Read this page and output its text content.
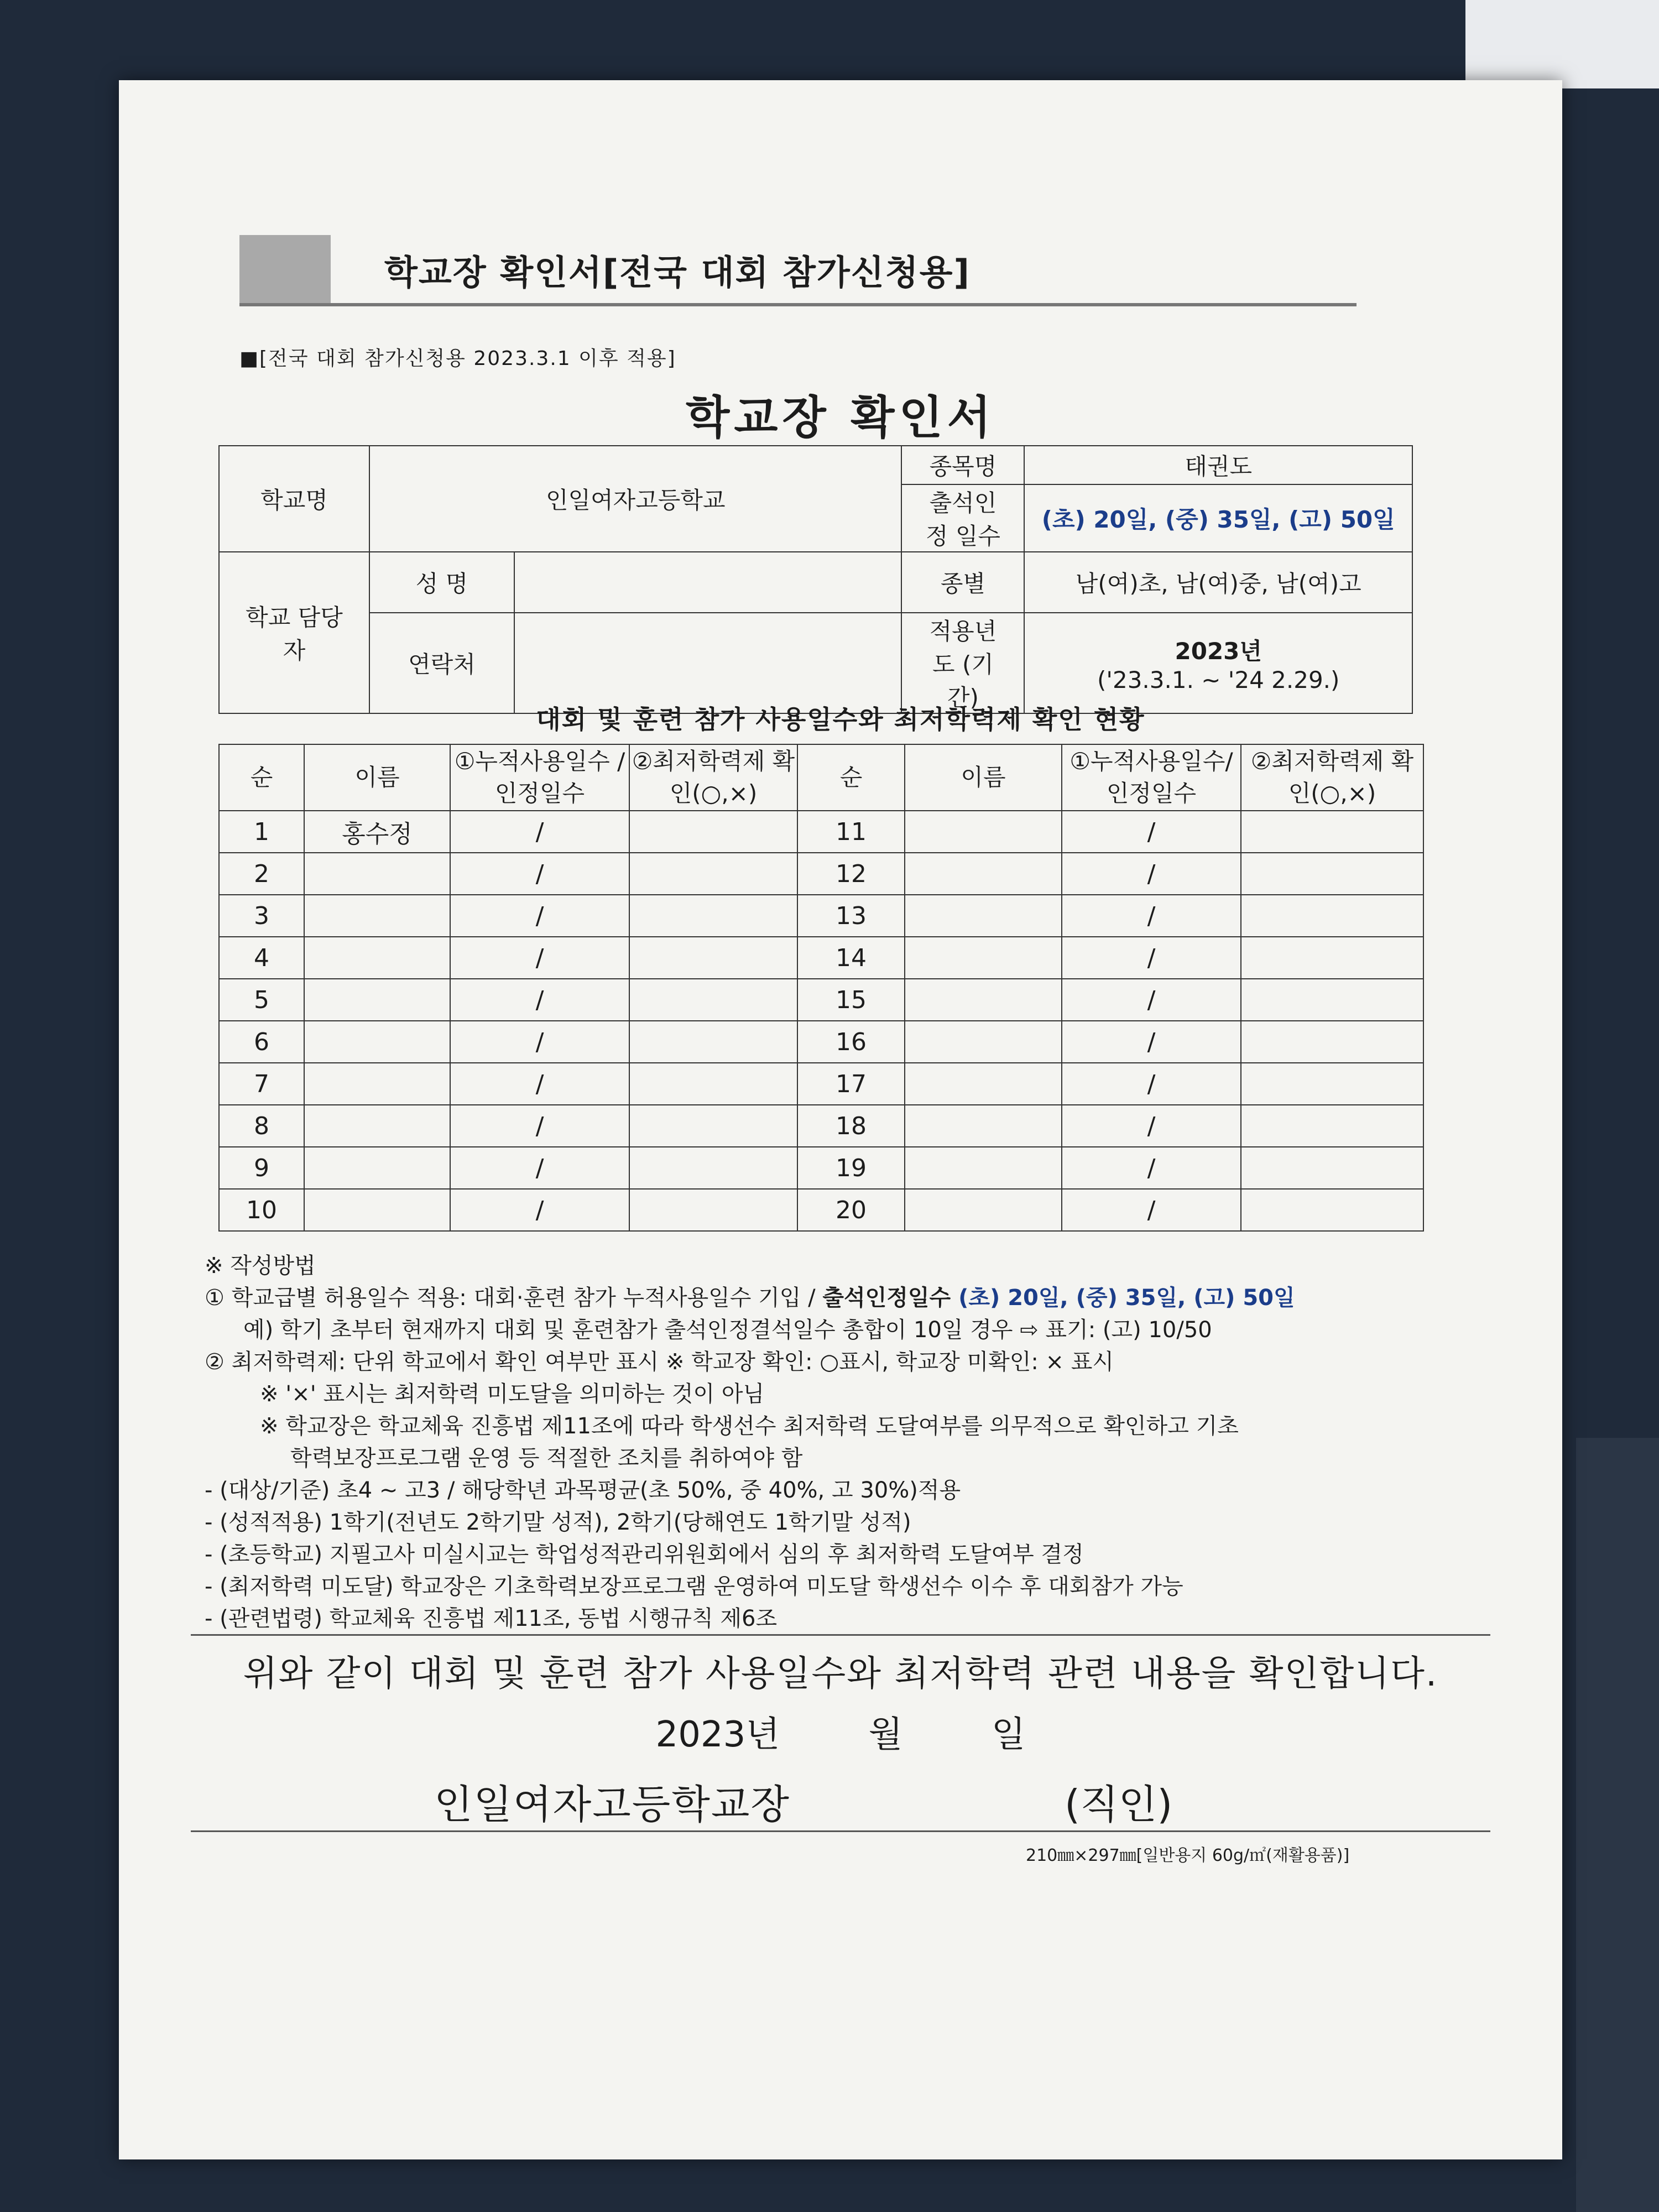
학교장 확인서[전국 대회 참가신청용]
■[전국 대회 참가신청용 2023.3.1 이후 적용]
학교장 확인서
학교명	인일여자고등학교		종목명	태권도
			출석인정 일수	(초) 20일, (중) 35일, (고) 50일
학교 담당자	성 명		종별	남(여)초, 남(여)중, 남(여)고
	연락처		적용년도 (기간)	2023년
('23.3.1. ~ '24 2.29.)
대회 및 훈련 참가 사용일수와 최저학력제 확인 현황
순	이름	①누적사용일수 /인정일수	②최저학력제 확인(○,×)	순	이름	①누적사용일수/ 인정일수	②최저학력제 확인(○,×)
1	홍수정	/		11		/	
2		/		12		/	
3		/		13		/	
4		/		14		/	
5		/		15		/	
6		/		16		/	
7		/		17		/	
8		/		18		/	
9		/		19		/	
10		/		20		/	
※ 작성방법
① 학교급별 허용일수 적용: 대회·훈련 참가 누적사용일수 기입 / 출석인정일수 (초) 20일, (중) 35일, (고) 50일
예) 학기 초부터 현재까지 대회 및 훈련참가 출석인정결석일수 총합이 10일 경우 ⇨ 표기: (고) 10/50
② 최저학력제: 단위 학교에서 확인 여부만 표시 ※ 학교장 확인: ○표시, 학교장 미확인: × 표시
※ '×' 표시는 최저학력 미도달을 의미하는 것이 아님
※ 학교장은 학교체육 진흥법 제11조에 따라 학생선수 최저학력 도달여부를 의무적으로 확인하고 기초
학력보장프로그램 운영 등 적절한 조치를 취하여야 함
- (대상/기준) 초4 ~ 고3 / 해당학년 과목평균(초 50%, 중 40%, 고 30%)적용
- (성적적용) 1학기(전년도 2학기말 성적), 2학기(당해연도 1학기말 성적)
- (초등학교) 지필고사 미실시교는 학업성적관리위원회에서 심의 후 최저학력 도달여부 결정
- (최저학력 미도달) 학교장은 기초학력보장프로그램 운영하여 미도달 학생선수 이수 후 대회참가 가능
- (관련법령) 학교체육 진흥법 제11조, 동법 시행규칙 제6조
위와 같이 대회 및 훈련 참가 사용일수와 최저학력 관련 내용을 확인합니다.
2023년	월	일
인일여자고등학교장	(직인)
210㎜×297㎜[일반용지 60g/㎡(재활용품)]
